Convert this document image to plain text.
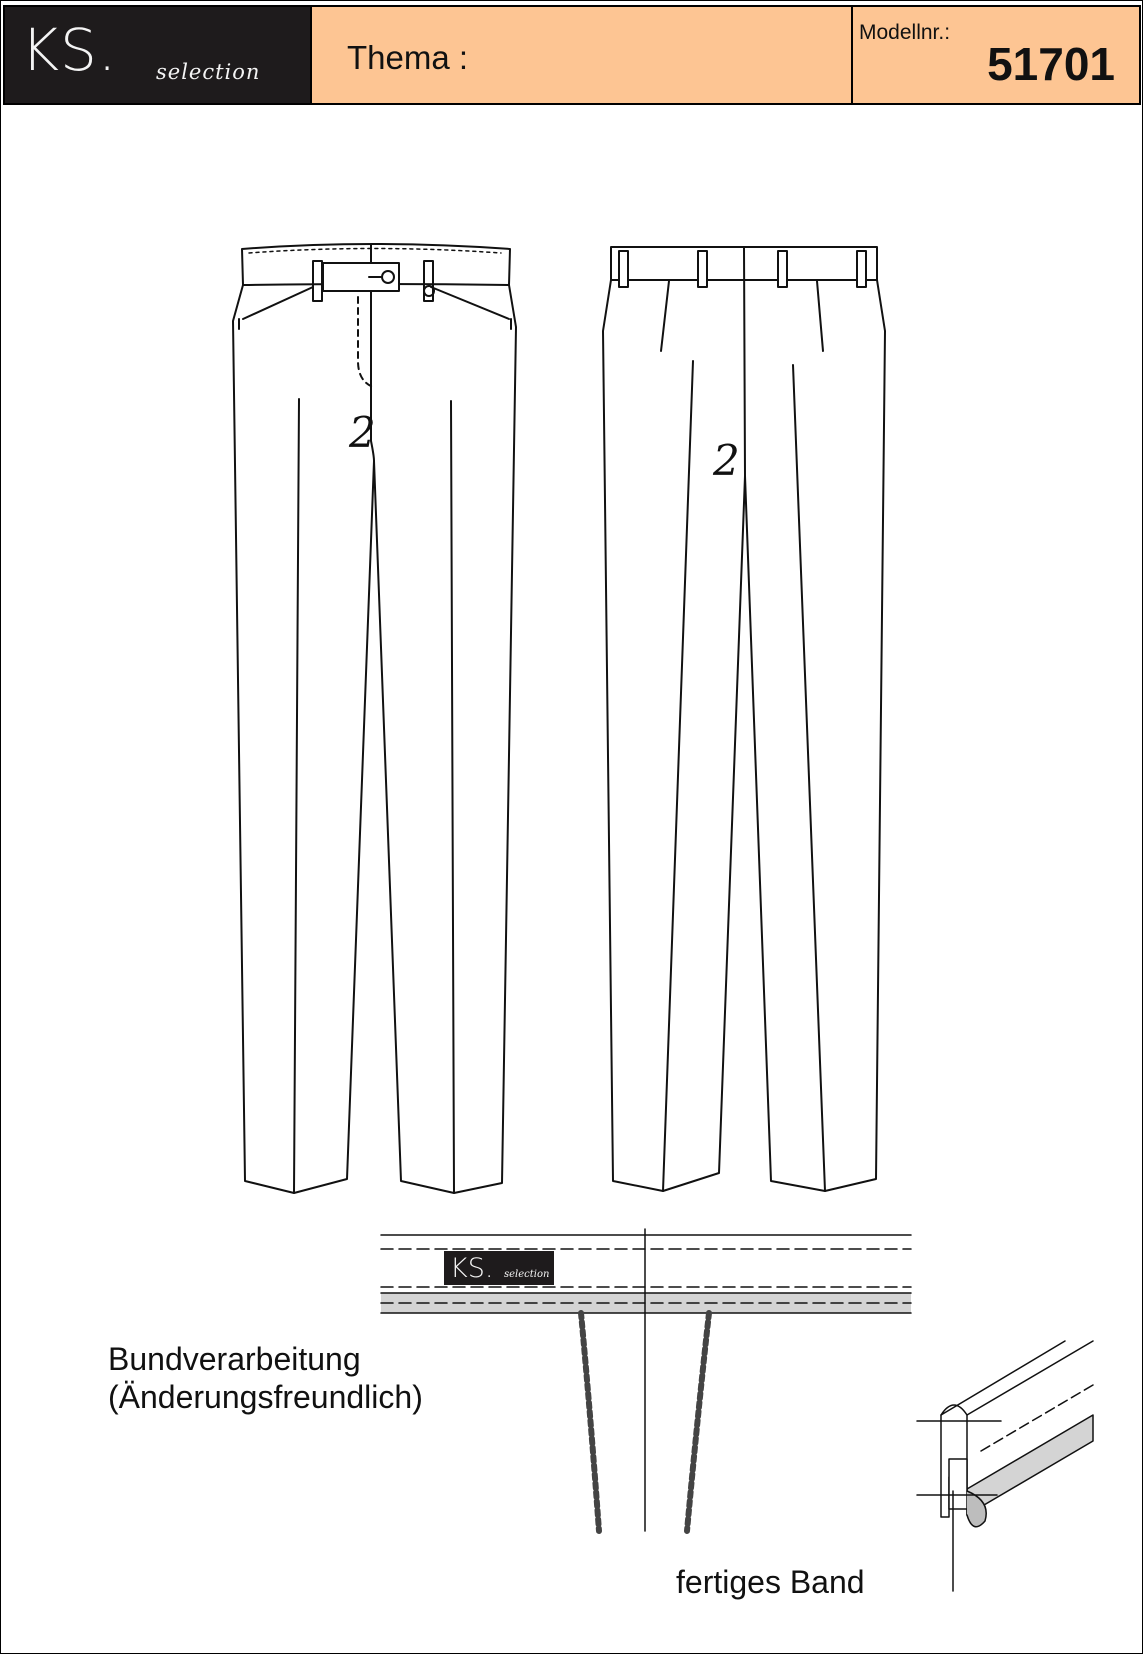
KS. selection	Thema :
Modellnr.:
51701
2
2
KS. selection
Bundverarbeitung
(Änderungsfreundlich)
fertiges Band
